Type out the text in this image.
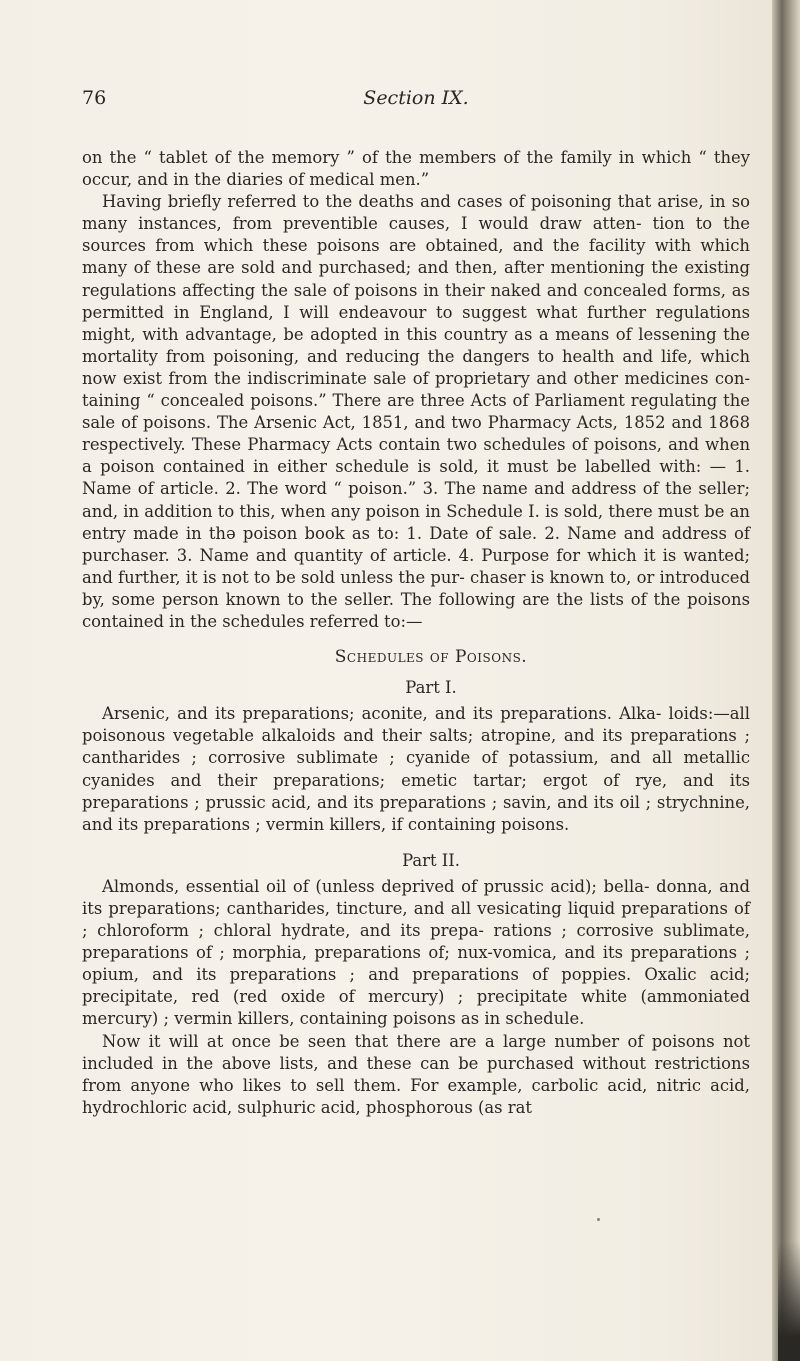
76	Section IX.

on the “ tablet of the memory ” of the members of the family in which “ they occur, and in the diaries of medical men.”

Having briefly referred to the deaths and cases of poisoning that arise, in so many instances, from preventible causes, I would draw atten- tion to the sources from which these poisons are obtained, and the facility with which many of these are sold and purchased; and then, after mentioning the existing regulations affecting the sale of poisons in their naked and concealed forms, as permitted in England, I will endeavour to suggest what further regulations might, with advantage, be adopted in this country as a means of lessening the mortality from poisoning, and reducing the dangers to health and life, which now exist from the indiscriminate sale of proprietary and other medicines con- taining “ concealed poisons.” There are three Acts of Parliament regulating the sale of poisons. The Arsenic Act, 1851, and two Pharmacy Acts, 1852 and 1868 respectively. These Pharmacy Acts contain two schedules of poisons, and when a poison contained in either schedule is sold, it must be labelled with: — 1. Name of article. 2. The word “ poison.” 3. The name and address of the seller; and, in addition to this, when any poison in Schedule I. is sold, there must be an entry made in thə poison book as to: 1. Date of sale. 2. Name and address of purchaser. 3. Name and quantity of article. 4. Purpose for which it is wanted; and further, it is not to be sold unless the pur- chaser is known to, or introduced by, some person known to the seller. The following are the lists of the poisons contained in the schedules referred to:—

Schedules of Poisons.
Part I.

Arsenic, and its preparations; aconite, and its preparations. Alka- loids:—all poisonous vegetable alkaloids and their salts; atropine, and its preparations ; cantharides ; corrosive sublimate ; cyanide of potassium, and all metallic cyanides and their preparations; emetic tartar; ergot of rye, and its preparations ; prussic acid, and its preparations ; savin, and its oil ; strychnine, and its preparations ; vermin killers, if containing poisons.

Part II.

Almonds, essential oil of (unless deprived of prussic acid); bella- donna, and its preparations; cantharides, tincture, and all vesicating liquid preparations of ; chloroform ; chloral hydrate, and its prepa- rations ; corrosive sublimate, preparations of ; morphia, preparations of; nux-vomica, and its preparations ; opium, and its preparations ; and preparations of poppies. Oxalic acid; precipitate, red (red oxide of mercury) ; precipitate white (ammoniated mercury) ; vermin killers, containing poisons as in schedule.

Now it will at once be seen that there are a large number of poisons not included in the above lists, and these can be purchased without restrictions from anyone who likes to sell them. For example, carbolic acid, nitric acid, hydrochloric acid, sulphuric acid, phosphorous (as rat
